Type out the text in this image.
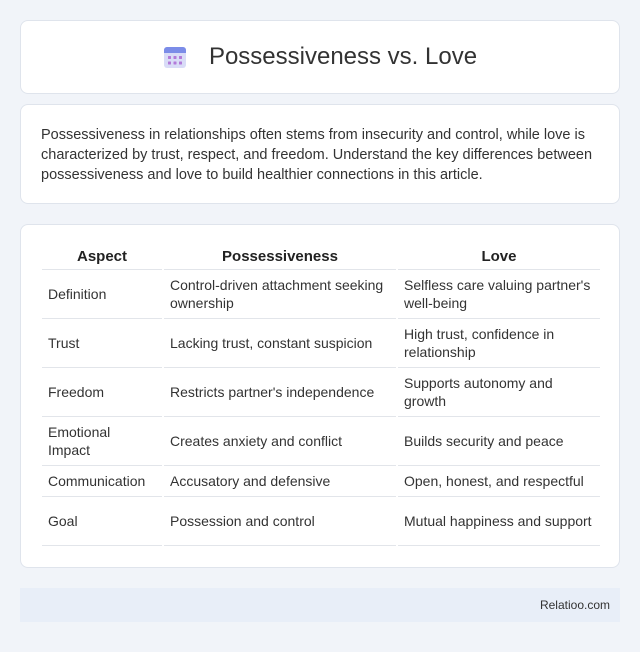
Possessiveness vs. Love

Possessiveness in relationships often stems from insecurity and control, while love is characterized by trust, respect, and freedom. Understand the key differences between possessiveness and love to build healthier connections in this article.

Aspect	Possessiveness	Love
Definition	Control-driven attachment seeking ownership	Selfless care valuing partner's well-being
Trust	Lacking trust, constant suspicion	High trust, confidence in relationship
Freedom	Restricts partner's independence	Supports autonomy and growth
Emotional Impact	Creates anxiety and conflict	Builds security and peace
Communication	Accusatory and defensive	Open, honest, and respectful
Goal	Possession and control	Mutual happiness and support
Relatioo.com
